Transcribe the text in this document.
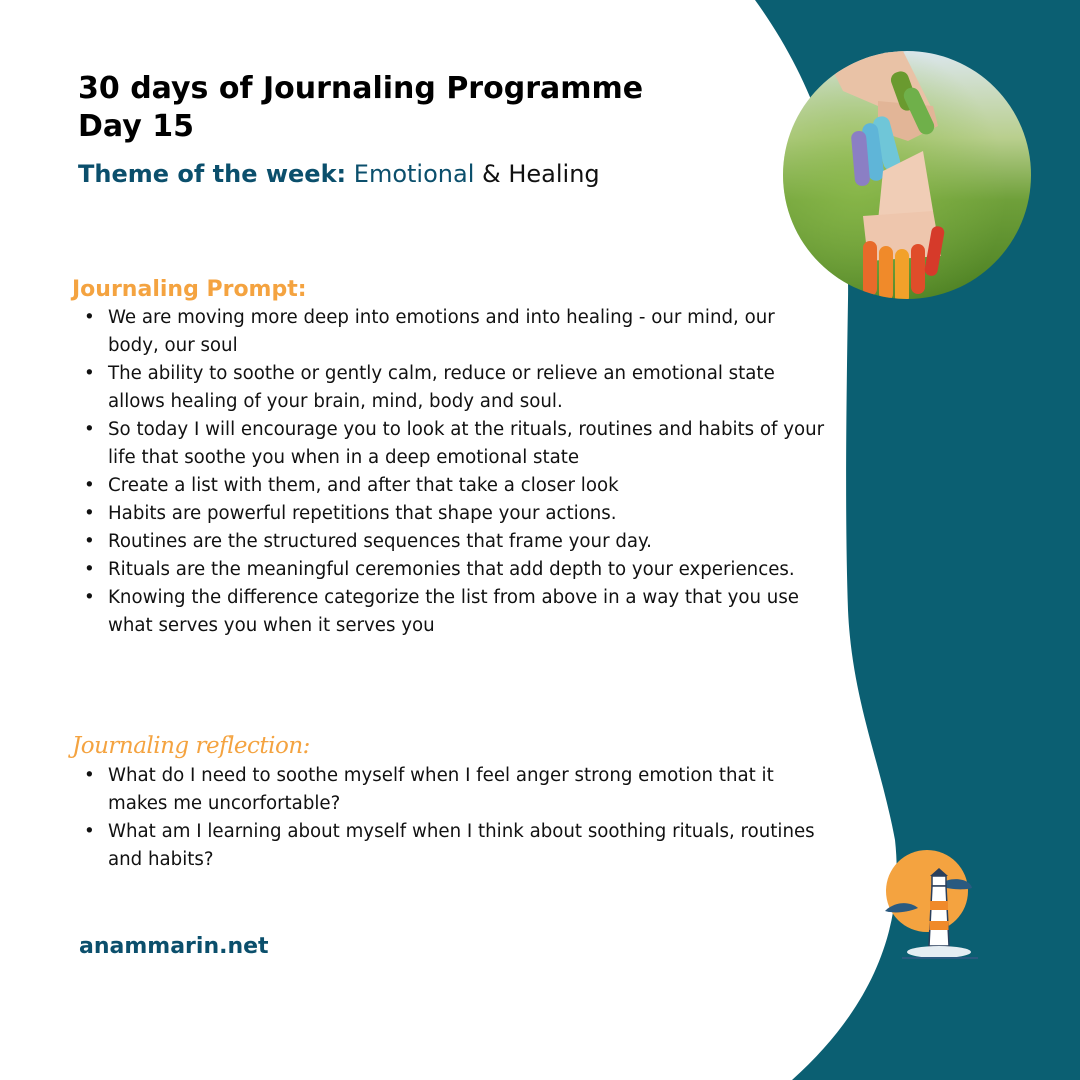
30 days of Journaling Programme
Day 15
Theme of the week: Emotional & Healing
Journaling Prompt:
• We are moving more deep into emotions and into healing - our mind, our body, our soul
• The ability to soothe or gently calm, reduce or relieve an emotional state allows healing of your brain, mind, body and soul.
• So today I will encourage you to look at the rituals, routines and habits of your life that soothe you when in a deep emotional state
• Create a list with them, and after that take a closer look
• Habits are powerful repetitions that shape your actions.
• Routines are the structured sequences that frame your day.
• Rituals are the meaningful ceremonies that add depth to your experiences.
• Knowing the difference categorize the list from above in a way that you use what serves you when it serves you
Journaling reflection:
• What do I need to soothe myself when I feel anger strong emotion that it makes me uncorfortable?
• What am I learning about myself when I think about soothing rituals, routines and habits?
anammarin.net
